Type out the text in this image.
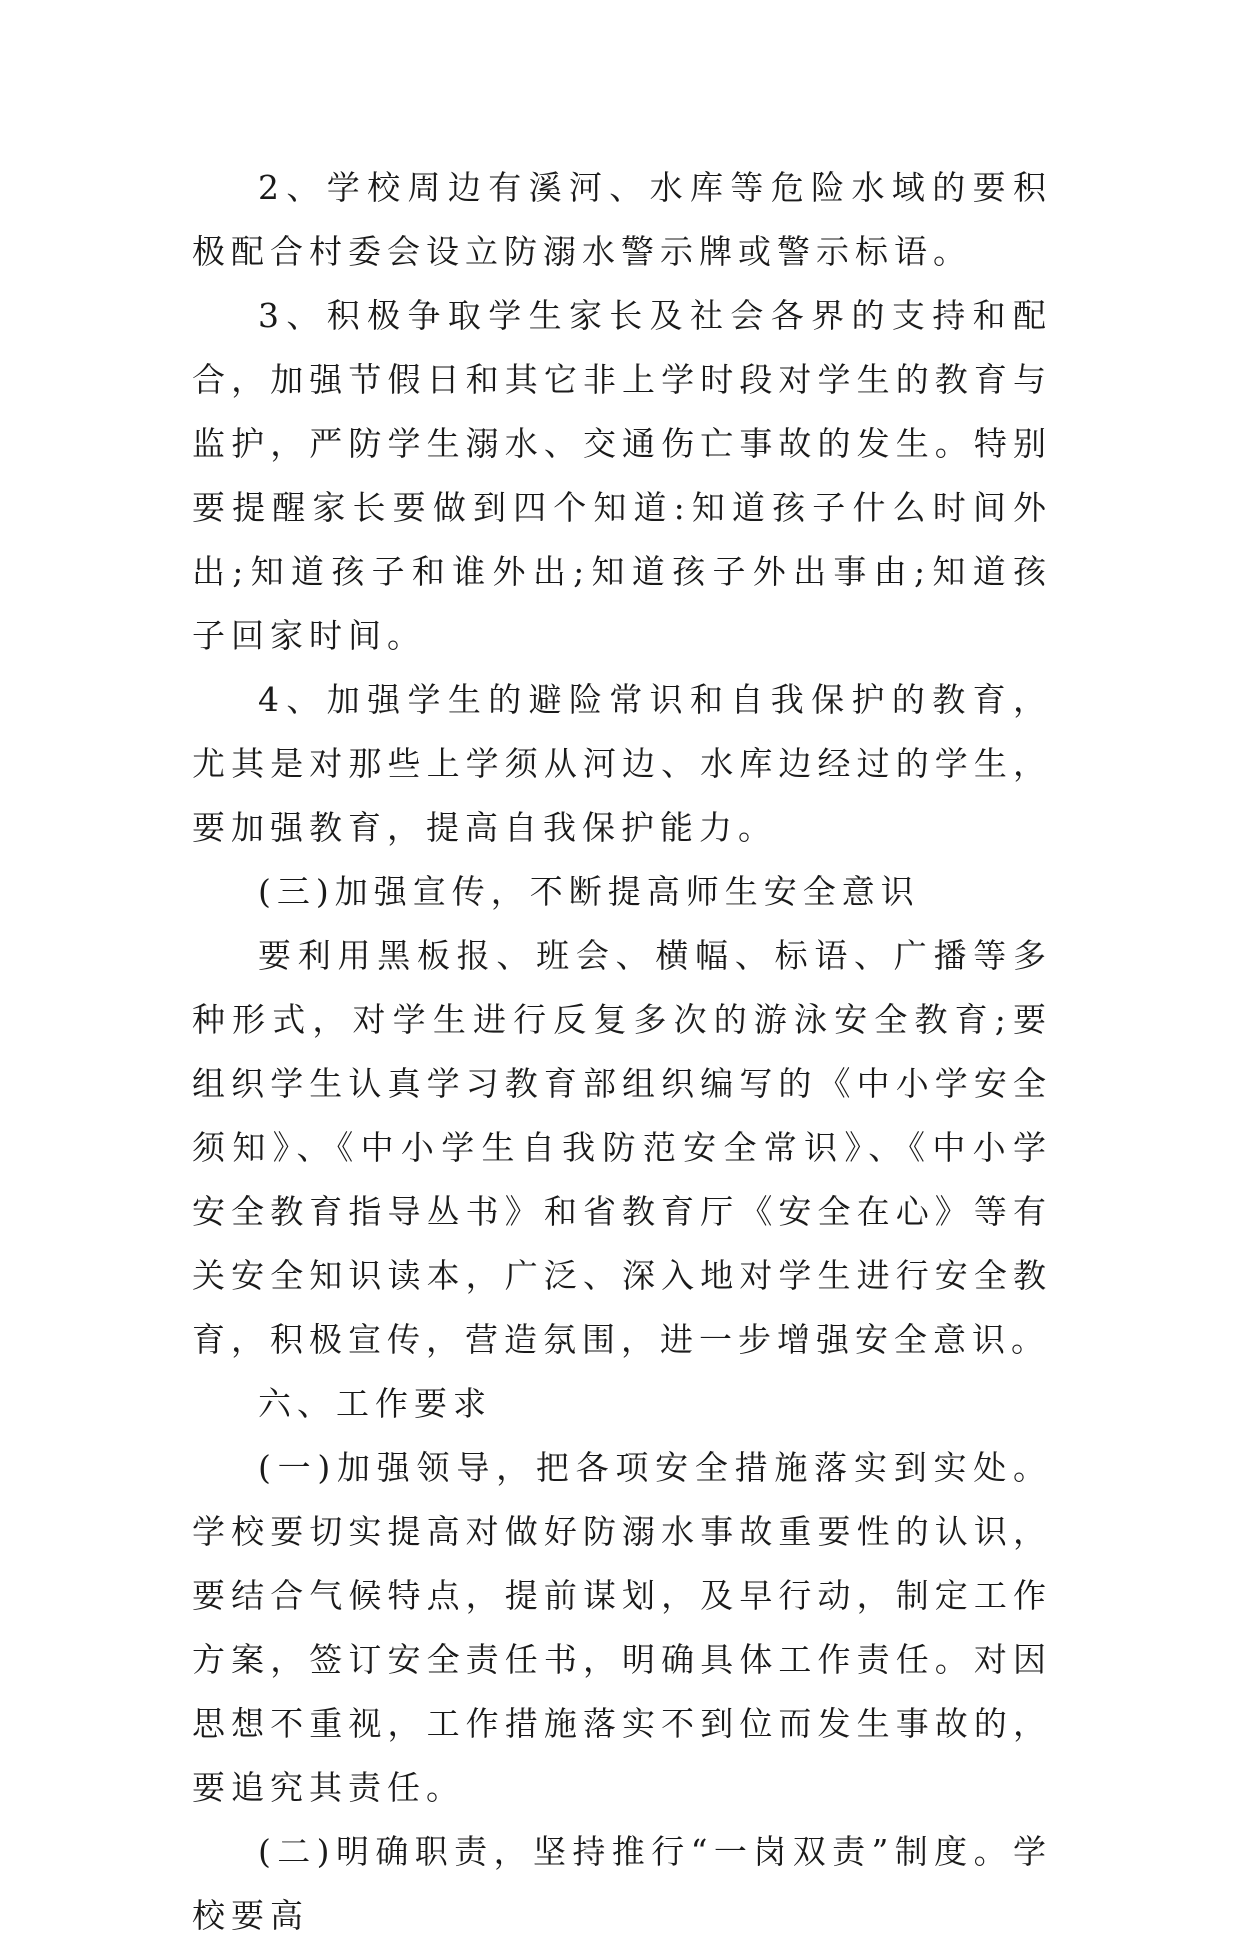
2、学校周边有溪河、水库等危险水域的要积极配合村委会设立防溺水警示牌或警示标语。

3、积极争取学生家长及社会各界的支持和配合，加强节假日和其它非上学时段对学生的教育与监护，严防学生溺水、交通伤亡事故的发生。特别要提醒家长要做到四个知道:知道孩子什么时间外出;知道孩子和谁外出;知道孩子外出事由;知道孩子回家时间。

4、加强学生的避险常识和自我保护的教育，尤其是对那些上学须从河边、水库边经过的学生，要加强教育，提高自我保护能力。

(三)加强宣传，不断提高师生安全意识

要利用黑板报、班会、横幅、标语、广播等多种形式，对学生进行反复多次的游泳安全教育;要组织学生认真学习教育部组织编写的《中小学安全须知》、《中小学生自我防范安全常识》、《中小学安全教育指导丛书》和省教育厅《安全在心》等有关安全知识读本，广泛、深入地对学生进行安全教育，积极宣传，营造氛围，进一步增强安全意识。

六、工作要求

(一)加强领导，把各项安全措施落实到实处。学校要切实提高对做好防溺水事故重要性的认识，要结合气候特点，提前谋划，及早行动，制定工作方案，签订安全责任书，明确具体工作责任。对因思想不重视，工作措施落实不到位而发生事故的，要追究其责任。

(二)明确职责，坚持推行“一岗双责”制度。学校要高
